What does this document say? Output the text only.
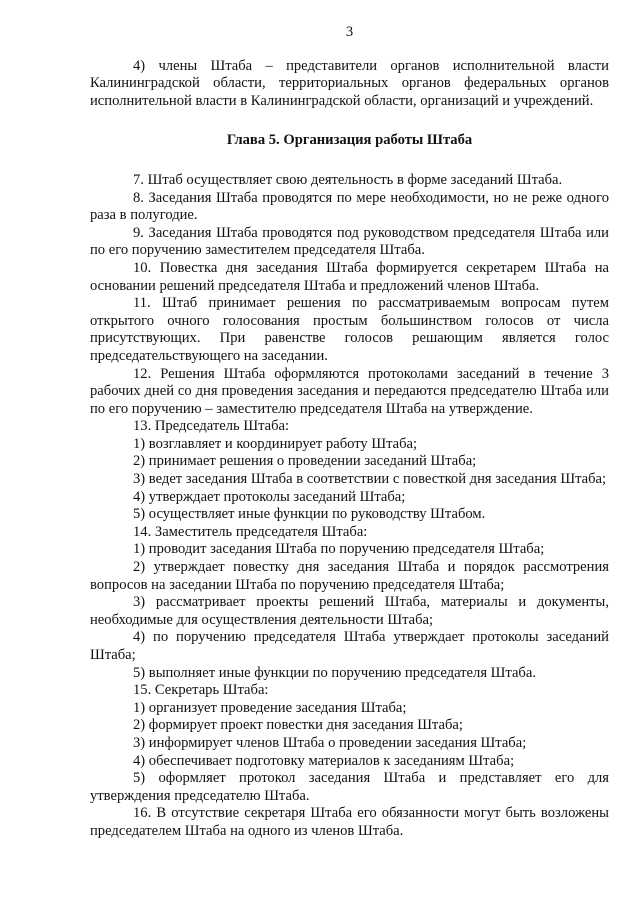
3

4) члены Штаба – представители органов исполнительной власти Калининградской области, территориальных органов федеральных органов исполнительной власти в Калининградской области, организаций и учреждений.

Глава 5. Организация работы Штаба

7. Штаб осуществляет свою деятельность в форме заседаний Штаба.

8. Заседания Штаба проводятся по мере необходимости, но не реже одного раза в полугодие.

9. Заседания Штаба проводятся под руководством председателя Штаба или по его поручению заместителем председателя Штаба.

10. Повестка дня заседания Штаба формируется секретарем Штаба на основании решений председателя Штаба и предложений членов Штаба.

11. Штаб принимает решения по рассматриваемым вопросам путем открытого очного голосования простым большинством голосов от числа присутствующих. При равенстве голосов решающим является голос председательствующего на заседании.

12. Решения Штаба оформляются протоколами заседаний в течение 3 рабочих дней со дня проведения заседания и передаются председателю Штаба или по его поручению – заместителю председателя Штаба на утверждение.

13. Председатель Штаба:

1) возглавляет и координирует работу Штаба;

2) принимает решения о проведении заседаний Штаба;

3) ведет заседания Штаба в соответствии с повесткой дня заседания Штаба;

4) утверждает протоколы заседаний Штаба;

5) осуществляет иные функции по руководству Штабом.

14. Заместитель председателя Штаба:

1) проводит заседания Штаба по поручению председателя Штаба;

2) утверждает повестку дня заседания Штаба и порядок рассмотрения вопросов на заседании Штаба по поручению председателя Штаба;

3) рассматривает проекты решений Штаба, материалы и документы, необходимые для осуществления деятельности Штаба;

4) по поручению председателя Штаба утверждает протоколы заседаний Штаба;

5) выполняет иные функции по поручению председателя Штаба.

15. Секретарь Штаба:

1) организует проведение заседания Штаба;

2) формирует проект повестки дня заседания Штаба;

3) информирует членов Штаба о проведении заседания Штаба;

4) обеспечивает подготовку материалов к заседаниям Штаба;

5) оформляет протокол заседания Штаба и представляет его для утверждения председателю Штаба.

16. В отсутствие секретаря Штаба его обязанности могут быть возложены председателем Штаба на одного из членов Штаба.
